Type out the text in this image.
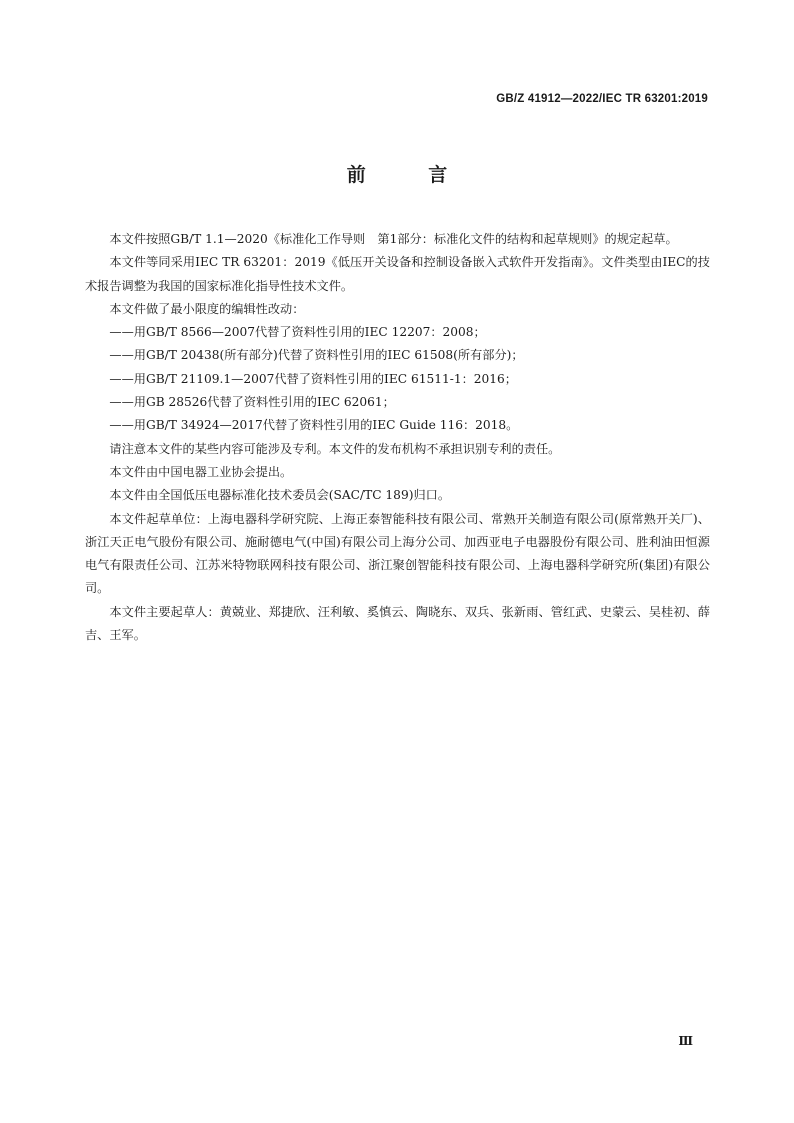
GB/Z 41912—2022/IEC TR 63201:2019
前 言

本文件按照GB/T 1.1—2020《标准化工作导则　第1部分：标准化文件的结构和起草规则》的规定起草。

本文件等同采用IEC TR 63201：2019《低压开关设备和控制设备嵌入式软件开发指南》。文件类型由IEC的技术报告调整为我国的国家标准化指导性技术文件。

本文件做了最小限度的编辑性改动：

——用GB/T 8566—2007代替了资料性引用的IEC 12207：2008；

——用GB/T 20438(所有部分)代替了资料性引用的IEC 61508(所有部分)；

——用GB/T 21109.1—2007代替了资料性引用的IEC 61511-1：2016；

——用GB 28526代替了资料性引用的IEC 62061；

——用GB/T 34924—2017代替了资料性引用的IEC Guide 116：2018。

请注意本文件的某些内容可能涉及专利。本文件的发布机构不承担识别专利的责任。

本文件由中国电器工业协会提出。

本文件由全国低压电器标准化技术委员会(SAC/TC 189)归口。

本文件起草单位：上海电器科学研究院、上海正泰智能科技有限公司、常熟开关制造有限公司(原常熟开关厂)、浙江天正电气股份有限公司、施耐德电气(中国)有限公司上海分公司、加西亚电子电器股份有限公司、胜利油田恒源电气有限责任公司、江苏米特物联网科技有限公司、浙江聚创智能科技有限公司、上海电器科学研究所(集团)有限公司。

本文件主要起草人：黄兢业、郑捷欣、汪利敏、奚慎云、陶晓东、双兵、张新雨、管红武、史蒙云、吴桂初、薛吉、王军。

Ⅲ
